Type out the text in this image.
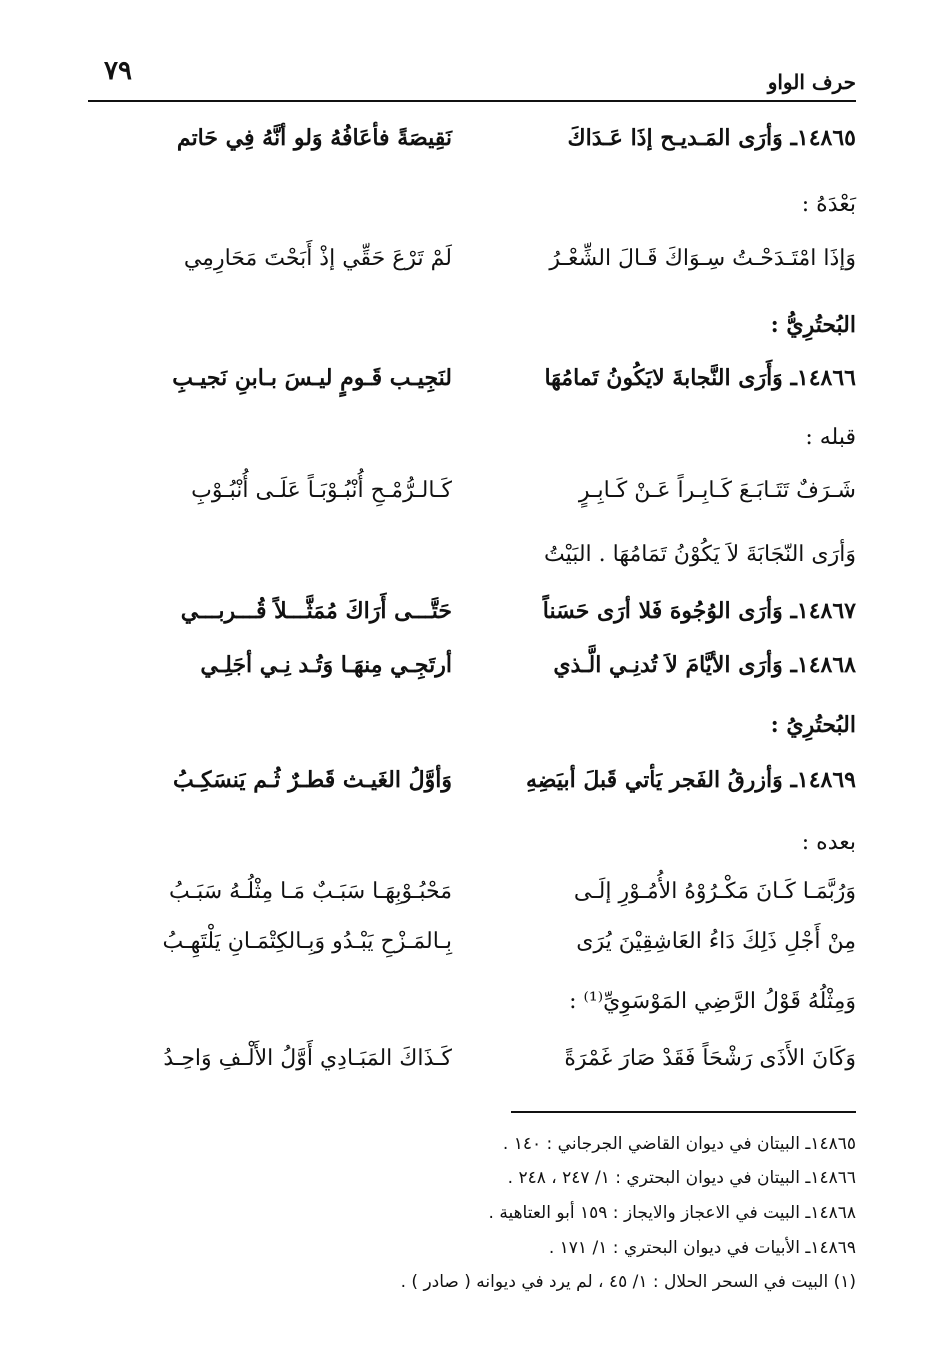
٧٩	حرف الواو
١٤٨٦٥ـ وَأرَى المَـديـح إذَا عَـدَاكَ
نَقِيصَةً فأعَافُهُ وَلو أنَّهُ فِي حَاتم
بَعْدَهُ :
وَإذَا امْتَـدَحْـتُ سِـوَاكَ قَـالَ الشِّعْـرُ
لَمْ تَرْعَ حَقِّي إذْ أَبَحْتَ مَحَارِمِي
البُحتُرِيُّ :
١٤٨٦٦ـ وَأَرَى النَّجابةَ لايَكُونُ تَمامُهَا
لنَجِيـب قَـومٍ ليـسَ بـابنِ نَجيـبِ
قبله :
شَـرَفٌ تَتَـابَـعَ كَـابِـراً عَـنْ كَـابِـرٍ
كَـالـرُّمْـحِ أُنْبُـوْبَـاً عَلَـى أُنْبُـوْبِ
وَأرَى النّجَابَةَ لاَ يَكُوْنُ تَمَامُهَا . البَيْتُ
١٤٨٦٧ـ وَأرَى الوُجُوهَ فَلا أرَى حَسَناً
حَتَّـــى أَرَاكَ مُمَثَّـــلاً قُـــربـــي
١٤٨٦٨ـ وَأرَى الأيَّامَ لاَ تُدنِـي الَّـذي
أرتَجِـي مِنهَـا وَتُـد نِـي أجَلِـي
البُحتُرِيُ :
١٤٨٦٩ـ وَأزرقُ الفَجر يَأتي قَبلَ أبيَضِهِ
وَأوَّلُ الغَيـث قَطـرٌ ثُـم يَنسَكِـبُ
بعده :
وَرُبَّمَـا كَـانَ مَكْـرُوْهُ الأُمُـوْرِ إلَـى
مَحْبُـوْبِهَـا سَبَـبٌ مَـا مِثْلُـهُ سَبَـبُ
مِنْ أَجْلِ ذَلِكَ دَاءُ العَاشِقِيْنَ يُرَى
بِـالمَـزْحِ يَبْـدُو وَبِـالكِتْمَـانِ يَلْتَهِـبُ
وَمِثْلُهُ قَوْلُ الرَّضِي المَوْسَوِيِّ⁽¹⁾ :
وَكَانَ الأَذَى رَشْحَاً فَقَدْ صَارَ غَمْرَةً
كَـذَاكَ المَبَـادِي أَوَّلُ الأَلْـفِ وَاحِـدُ
١٤٨٦٥ـ البيتان في ديوان القاضي الجرجاني : ١٤٠ .
١٤٨٦٦ـ البيتان في ديوان البحتري : ١/ ٢٤٧ ، ٢٤٨ .
١٤٨٦٨ـ البيت في الاعجاز والايجاز : ١٥٩ أبو العتاهية .
١٤٨٦٩ـ الأبيات في ديوان البحتري : ١/ ١٧١ .
(١) البيت في السحر الحلال : ١/ ٤٥ ، لم يرد في ديوانه ( صادر ) .
